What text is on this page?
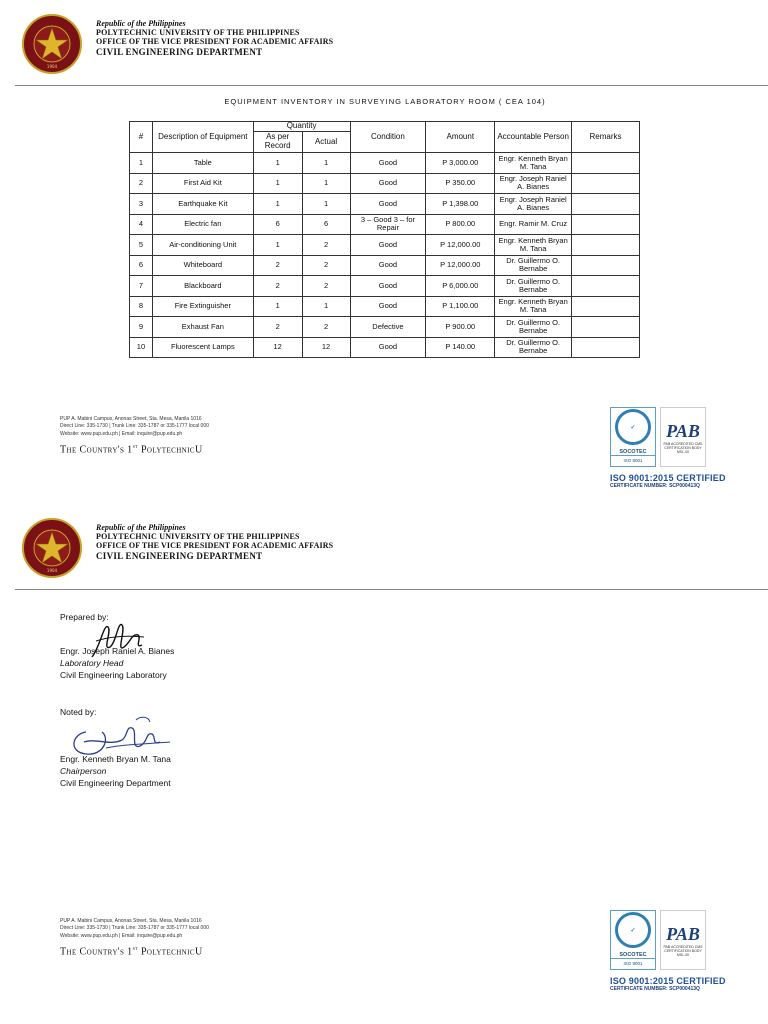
1904
Republic of the Philippines
POLYTECHNIC UNIVERSITY OF THE PHILIPPINES
OFFICE OF THE VICE PRESIDENT FOR ACADEMIC AFFAIRS
CIVIL ENGINEERING DEPARTMENT
EQUIPMENT INVENTORY IN SURVEYING LABORATORY ROOM ( CEA 104)
#	Description of Equipment	Quantity		Condition	Amount	Accountable Person	Remarks
		As per Record	Actual				
1	Table	1	1	Good	P 3,000.00	Engr. Kenneth Bryan M. Tana	
2	First Aid Kit	1	1	Good	P 350.00	Engr. Joseph Raniel A. Bianes	
3	Earthquake Kit	1	1	Good	P 1,398.00	Engr. Joseph Raniel A. Bianes	
4	Electric fan	6	6	3 – Good 3 – for Repair	P 800.00	Engr. Ramir M. Cruz	
5	Air-conditioning Unit	1	2	Good	P 12,000.00	Engr. Kenneth Bryan M. Tana	
6	Whiteboard	2	2	Good	P 12,000.00	Dr. Guillermo O. Bernabe	
7	Blackboard	2	2	Good	P 6,000.00	Dr. Guillermo O. Bernabe	
8	Fire Extinguisher	1	1	Good	P 1,100.00	Engr. Kenneth Bryan M. Tana	
9	Exhaust Fan	2	2	Defective	P 900.00	Dr. Guillermo O. Bernabe	
10	Fluorescent Lamps	12	12	Good	P 140.00	Dr. Guillermo O. Bernabe	
PUP A. Mabini Campus, Anonas Street, Sta. Mesa, Manila 1016
Direct Line: 335-1730 | Trunk Line: 335-1787 or 335-1777 local 000
Website: www.pup.edu.ph | Email: inquire@pup.edu.ph
The Country's 1st PolytechnicU
✓
SOCOTEC
ISO 9001
PAB
PAB ACCREDITED CMS CERTIFICATION BODY MSL-00
ISO 9001:2015 CERTIFIED
CERTIFICATE NUMBER: SCP000413Q
1904
Republic of the Philippines
POLYTECHNIC UNIVERSITY OF THE PHILIPPINES
OFFICE OF THE VICE PRESIDENT FOR ACADEMIC AFFAIRS
CIVIL ENGINEERING DEPARTMENT
Prepared by:
Engr. Joseph Raniel A. Bianes
Laboratory Head
Civil Engineering Laboratory
Noted by:
Engr. Kenneth Bryan M. Tana
Chairperson
Civil Engineering Department
PUP A. Mabini Campus, Anonas Street, Sta. Mesa, Manila 1016
Direct Line: 335-1730 | Trunk Line: 335-1787 or 335-1777 local 000
Website: www.pup.edu.ph | Email: inquire@pup.edu.ph
The Country's 1st PolytechnicU
✓
SOCOTEC
ISO 9001
PAB
PAB ACCREDITED CMS CERTIFICATION BODY MSL-00
ISO 9001:2015 CERTIFIED
CERTIFICATE NUMBER: SCP000413Q
